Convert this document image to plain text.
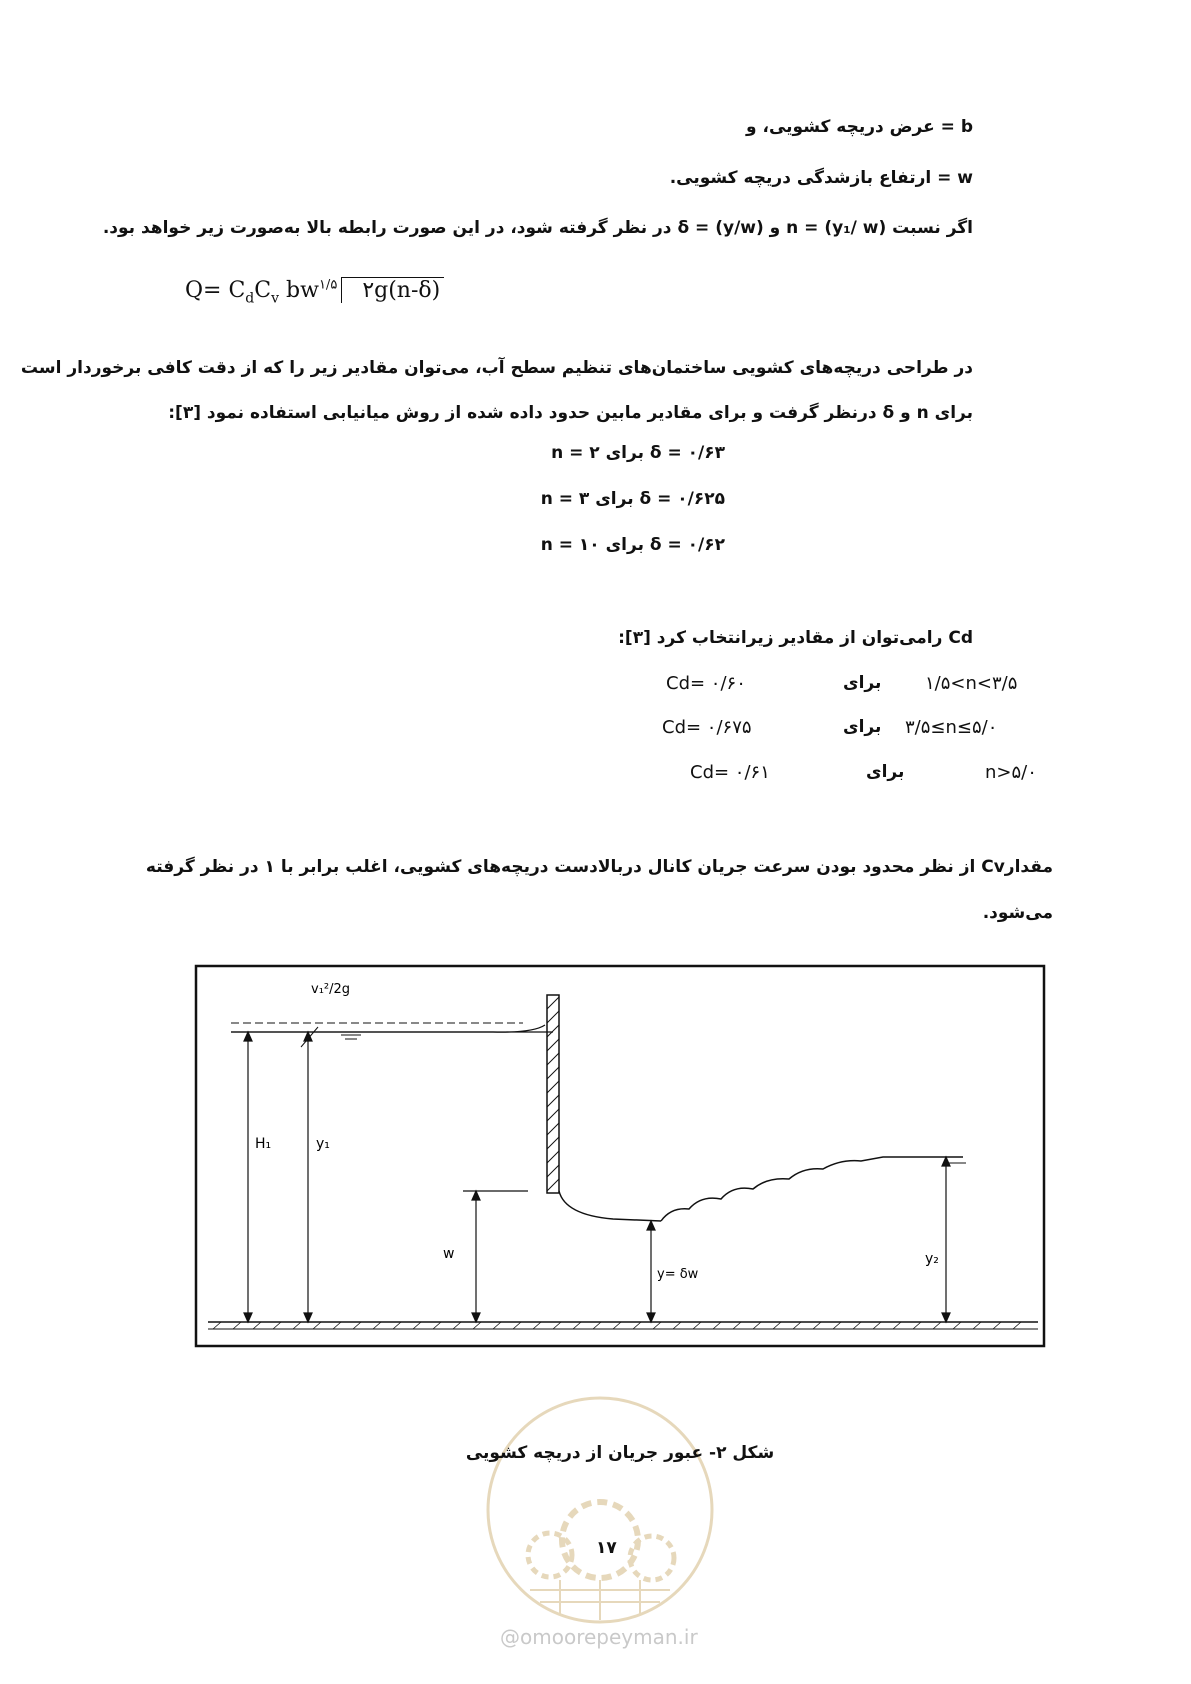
b = عرض دریچه کشویی، و
w = ارتفاع بازشدگی دریچه کشویی.
اگر نسبت n = (y₁/ w) و δ = (y/w) در نظر گرفته شود، در این صورت رابطه بالا به‌صورت زیر خواهد بود.
$Q= C_dC_v$ $bw^{۱/۵}$ ۲g(n-δ)
در طراحی دریچه‌های کشویی ساختمان‌های تنظیم سطح آب، می‌توان مقادیر زیر را که از دقت کافی برخوردار است
برای n و δ درنظر گرفت و برای مقادیر مابین حدود داده شده از روش میانیابی استفاده نمود [۳]:
δ = ۰/۶۳ برای n = ۲
δ = ۰/۶۲۵ برای n = ۳
δ = ۰/۶۲ برای n = ۱۰
Cd رامی‌توان از مقادیر زیرانتخاب کرد [۳]:
۱/۵<n<۳/۵
برای
Cd= ۰/۶۰
۳/۵≤n≤۵/۰
برای
Cd= ۰/۶۷۵
n>۵/۰
برای
Cd= ۰/۶۱
مقدارCv از نظر محدود بودن سرعت جریان کانال دربالادست دریچه‌های کشویی، اغلب برابر با ۱ در نظر گرفته
می‌شود.
v₁²/2g
H₁	y₁
w
y= δw
y₂
شکل ۲- عبور جریان از دریچه کشویی
۱۷
@omoorepeyman.ir
